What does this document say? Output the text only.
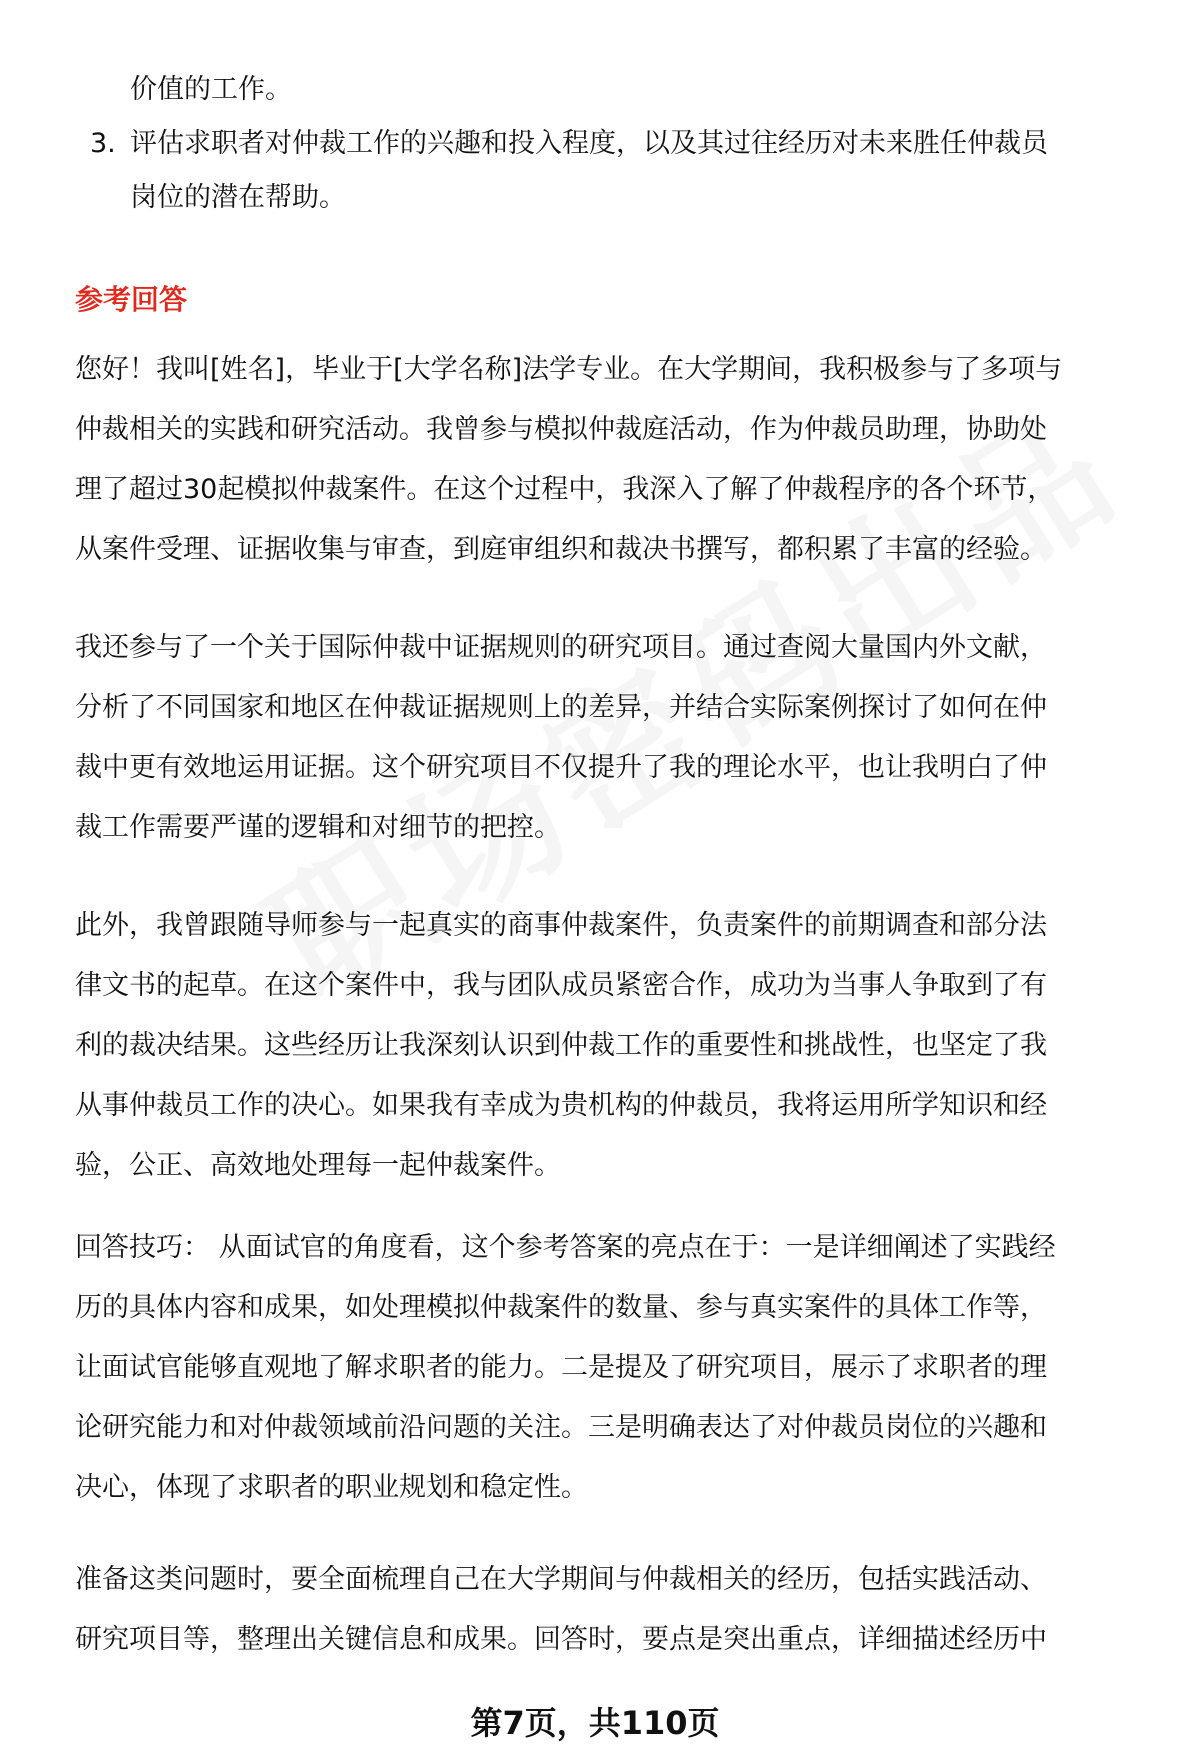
价值的工作。
3. 评估求职者对仲裁工作的兴趣和投入程度，以及其过往经历对未来胜任仲裁员
岗位的潜在帮助。
参考回答
您好！我叫[姓名]，毕业于[大学名称]法学专业。在大学期间，我积极参与了多项与
仲裁相关的实践和研究活动。我曾参与模拟仲裁庭活动，作为仲裁员助理，协助处
理了超过30起模拟仲裁案件。在这个过程中，我深入了解了仲裁程序的各个环节，
从案件受理、证据收集与审查，到庭审组织和裁决书撰写，都积累了丰富的经验。
我还参与了一个关于国际仲裁中证据规则的研究项目。通过查阅大量国内外文献，
分析了不同国家和地区在仲裁证据规则上的差异，并结合实际案例探讨了如何在仲
裁中更有效地运用证据。这个研究项目不仅提升了我的理论水平，也让我明白了仲
裁工作需要严谨的逻辑和对细节的把控。
此外，我曾跟随导师参与一起真实的商事仲裁案件，负责案件的前期调查和部分法
律文书的起草。在这个案件中，我与团队成员紧密合作，成功为当事人争取到了有
利的裁决结果。这些经历让我深刻认识到仲裁工作的重要性和挑战性，也坚定了我
从事仲裁员工作的决心。如果我有幸成为贵机构的仲裁员，我将运用所学知识和经
验，公正、高效地处理每一起仲裁案件。
回答技巧： 从面试官的角度看，这个参考答案的亮点在于：一是详细阐述了实践经
历的具体内容和成果，如处理模拟仲裁案件的数量、参与真实案件的具体工作等，
让面试官能够直观地了解求职者的能力。二是提及了研究项目，展示了求职者的理
论研究能力和对仲裁领域前沿问题的关注。三是明确表达了对仲裁员岗位的兴趣和
决心，体现了求职者的职业规划和稳定性。
准备这类问题时，要全面梳理自己在大学期间与仲裁相关的经历，包括实践活动、
研究项目等，整理出关键信息和成果。回答时，要点是突出重点，详细描述经历中
第7页，共110页
